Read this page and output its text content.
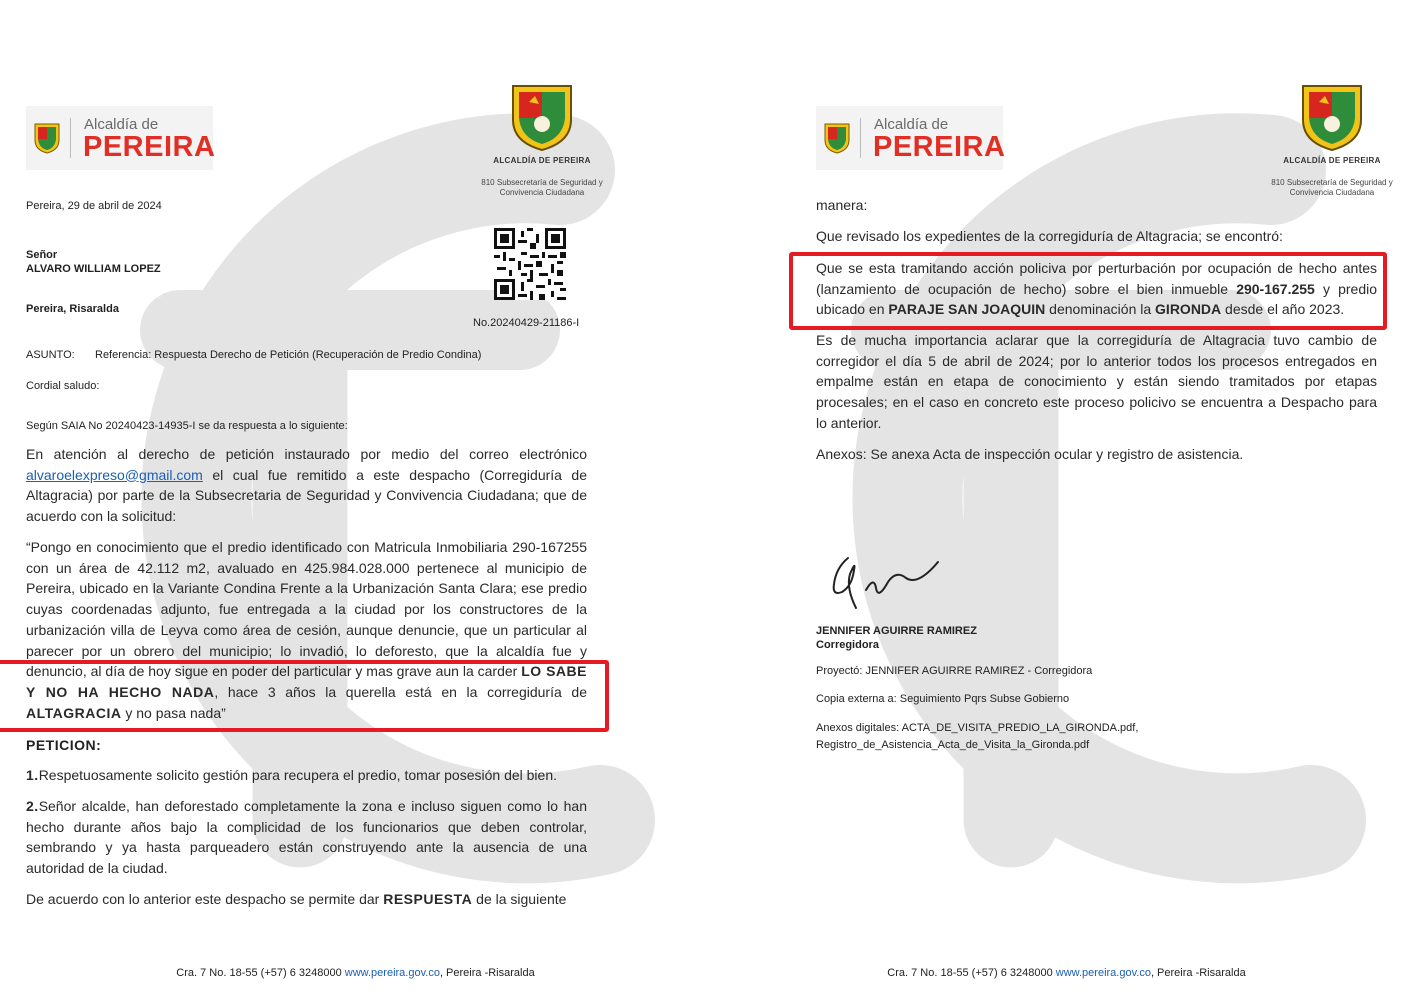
Alcaldía de
PEREIRA	ALCALDÍA DE PEREIRA
810 Subsecretaría de Seguridad y Convivencia Ciudadana
Pereira, 29 de abril de 2024
Señor
ALVARO WILLIAM LOPEZ
Pereira, Risaralda
No.20240429-21186-I
ASUNTO: Referencia: Respuesta Derecho de Petición (Recuperación de Predio Condina)
Cordial saludo:
Según SAIA No 20240423-14935-I se da respuesta a lo siguiente:
En atención al derecho de petición instaurado por medio del correo electrónico alvaroelexpreso@gmail.com el cual fue remitido a este despacho (Corregiduría de Altagracia) por parte de la Subsecretaria de Seguridad y Convivencia Ciudadana; que de acuerdo con la solicitud:
“Pongo en conocimiento que el predio identificado con Matricula Inmobiliaria 290-167255 con un área de 42.112 m2, avaluado en 425.984.028.000 pertenece al municipio de Pereira, ubicado en la Variante Condina Frente a la Urbanización Santa Clara; ese predio cuyas coordenadas adjunto, fue entregada a la ciudad por los constructores de la urbanización villa de Leyva como área de cesión, aunque denuncie, que un particular al parecer por un obrero del municipio; lo invadió, lo deforesto, que la alcaldía fue y denuncio, al día de hoy sigue en poder del particular y mas grave aun la carder LO SABE Y NO HA HECHO NADA, hace 3 años la querella está en la corregiduría de ALTAGRACIA y no pasa nada”
PETICION:
1.Respetuosamente solicito gestión para recupera el predio, tomar posesión del bien.
2.Señor alcalde, han deforestado completamente la zona e incluso siguen como lo han hecho durante años bajo la complicidad de los funcionarios que deben controlar, sembrando y ya hasta parqueadero están construyendo ante la ausencia de una autoridad de la ciudad.
De acuerdo con lo anterior este despacho se permite dar RESPUESTA de la siguiente
Cra. 7 No. 18-55 (+57) 6 3248000 www.pereira.gov.co, Pereira -Risaralda
Alcaldía de
PEREIRA	ALCALDÍA DE PEREIRA
810 Subsecretaría de Seguridad y Convivencia Ciudadana
manera:
Que revisado los expedientes de la corregiduría de Altagracia; se encontró:
Que se esta tramitando acción policiva por perturbación por ocupación de hecho antes (lanzamiento de ocupación de hecho) sobre el bien inmueble 290-167.255 y predio ubicado en PARAJE SAN JOAQUIN denominación la GIRONDA desde el año 2023.
Es de mucha importancia aclarar que la corregiduría de Altagracia tuvo cambio de corregidor el día 5 de abril de 2024; por lo anterior todos los procesos entregados en empalme están en etapa de conocimiento y están siendo tramitados por etapas procesales; en el caso en concreto este proceso policivo se encuentra a Despacho para lo anterior.
Anexos: Se anexa Acta de inspección ocular y registro de asistencia.
JENNIFER AGUIRRE RAMIREZ
Corregidora
Proyectó: JENNIFER AGUIRRE RAMIREZ - Corregidora
Copia externa a: Seguimiento Pqrs Subse Gobierno
Anexos digitales: ACTA_DE_VISITA_PREDIO_LA_GIRONDA.pdf,
Registro_de_Asistencia_Acta_de_Visita_la_Gironda.pdf
Cra. 7 No. 18-55 (+57) 6 3248000 www.pereira.gov.co, Pereira -Risaralda
